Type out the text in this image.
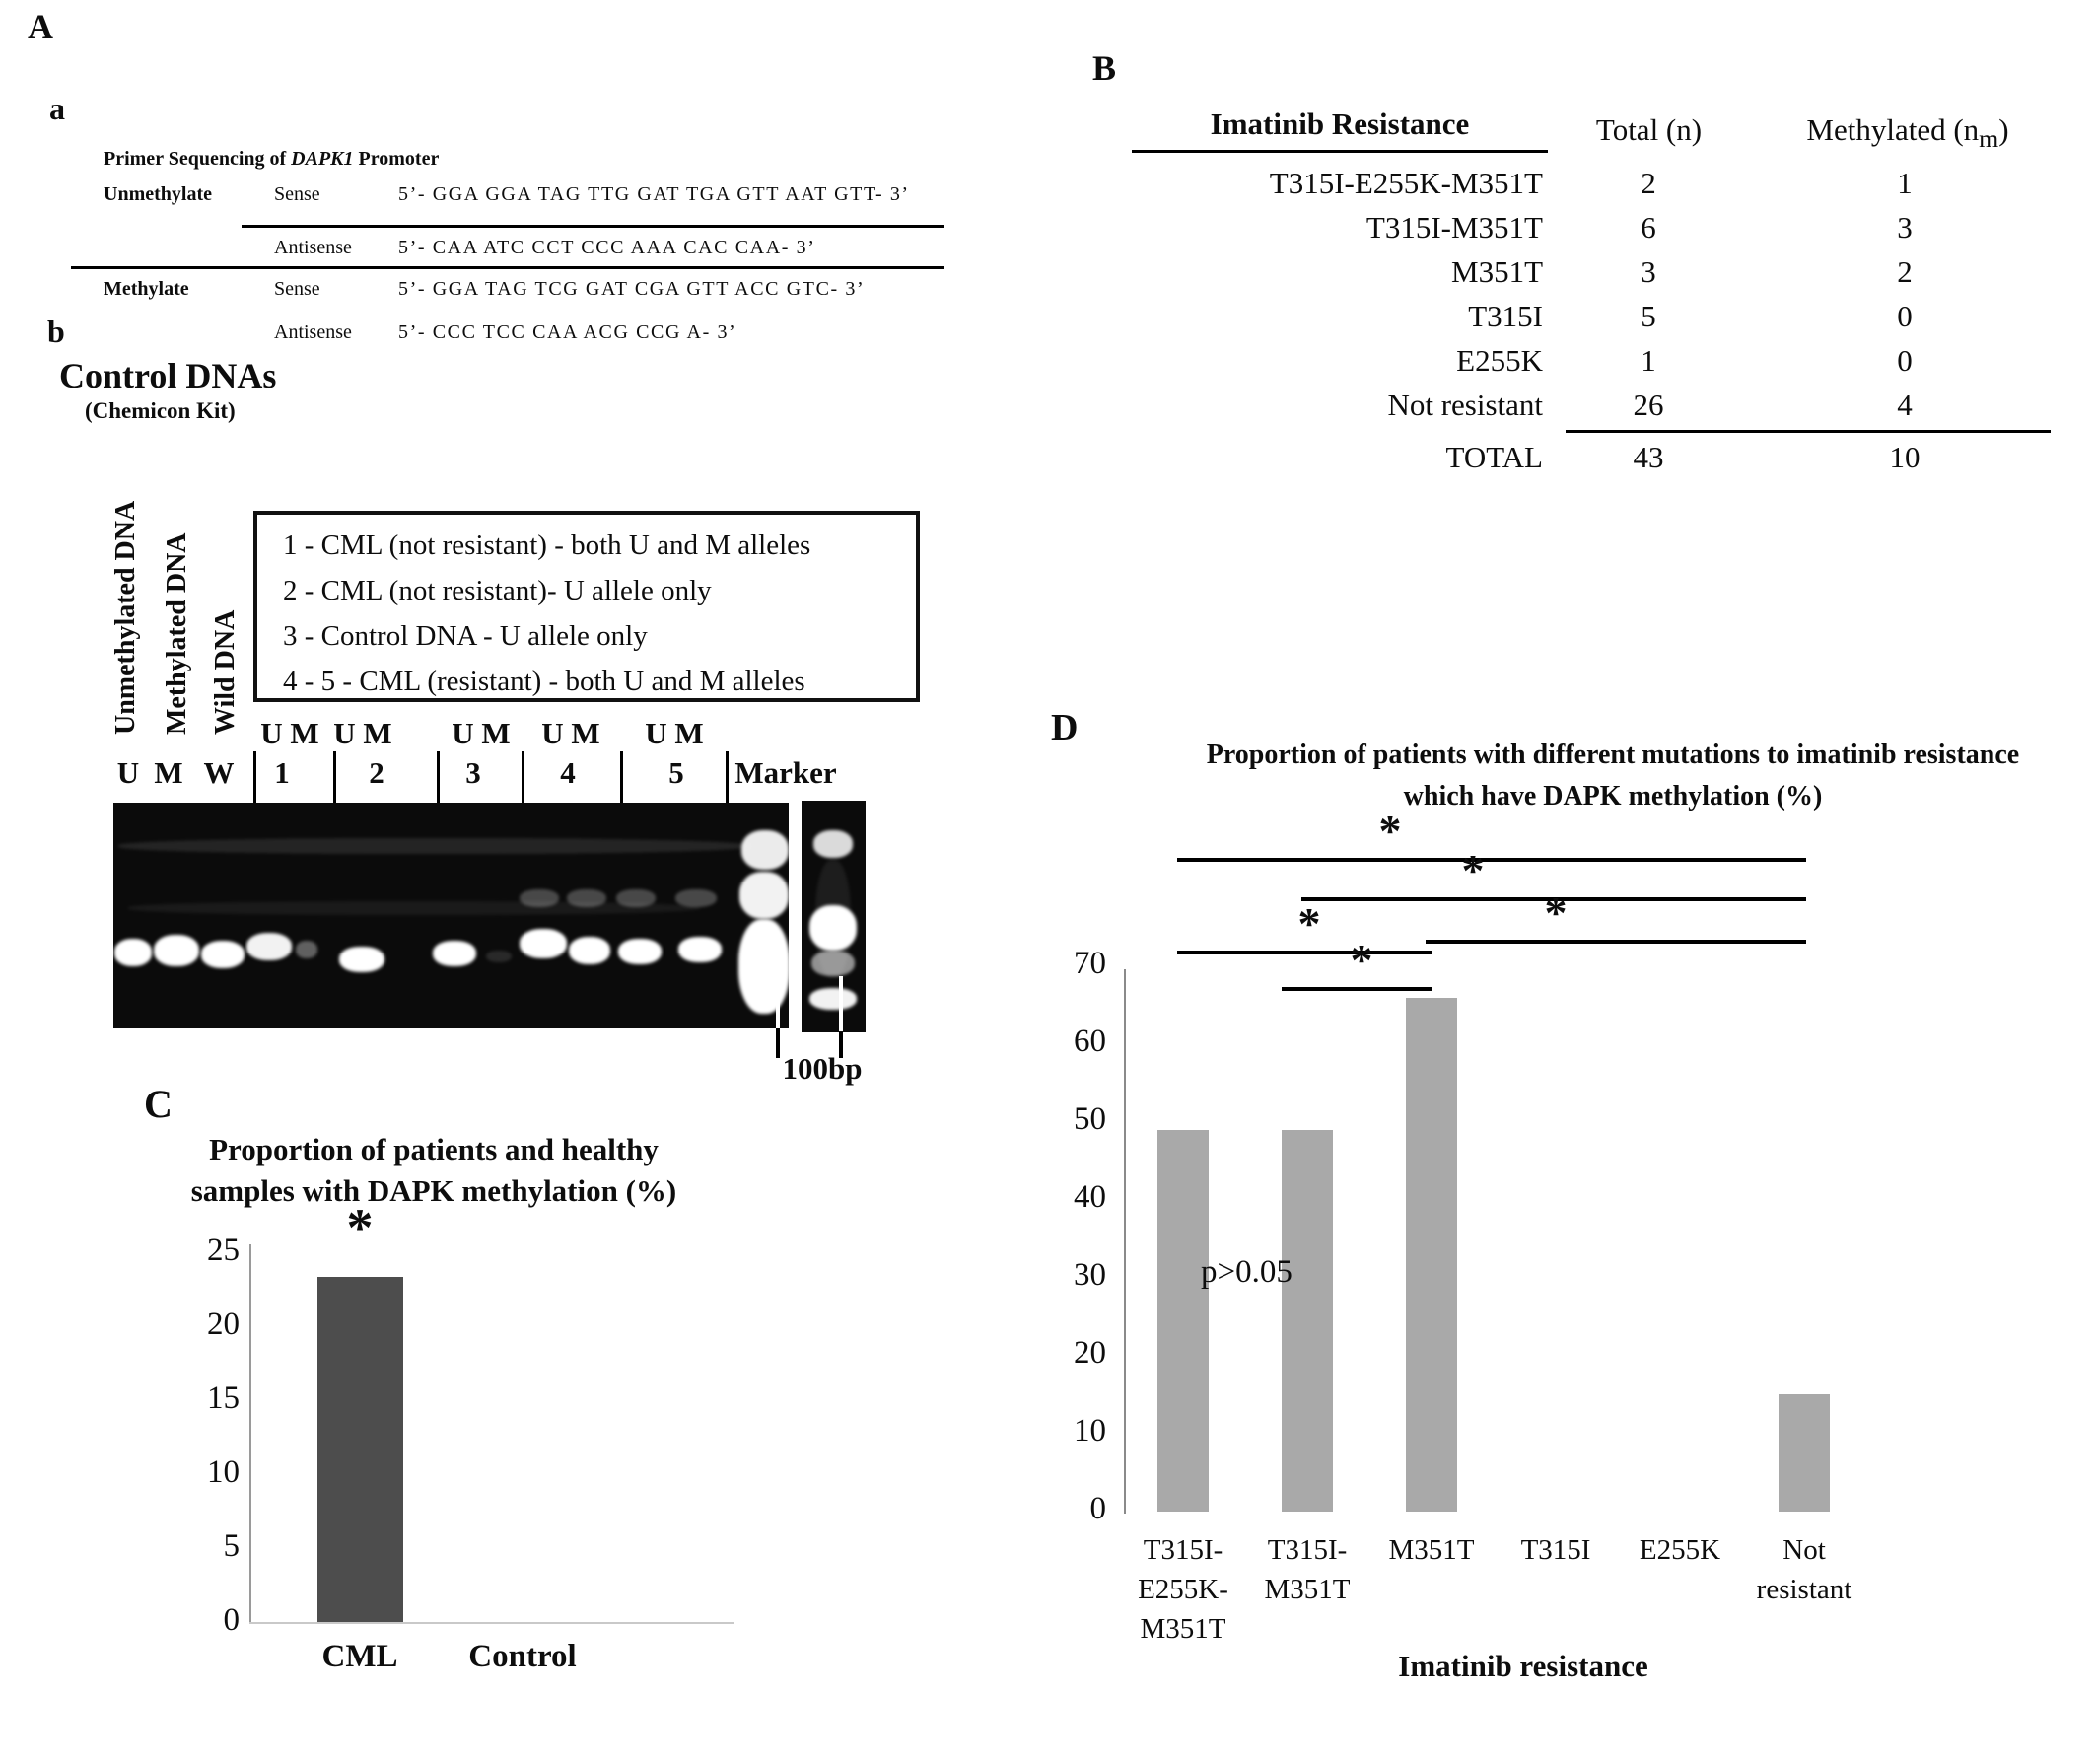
A
a
Primer Sequencing of DAPK1 Promoter
Unmethylate	Sense	5’- GGA GGA TAG TTG GAT TGA GTT AAT GTT- 3’
Antisense 5’- CAA ATC CCT CCC AAA CAC CAA- 3’
Methylate	Sense	5’- GGA TAG TCG GAT CGA GTT ACC GTC- 3’
Antisense 5’- CCC TCC CAA ACG CCG A- 3’
b
Control DNAs
(Chemicon Kit)
Unmethylated DNA Methylated DNA Wild DNA
1 - CML (not resistant) - both U and M alleles
2 - CML (not resistant)- U allele only
3 - Control DNA - U allele only
4 - 5 - CML (resistant) - both U and M alleles
U M U M	U M	U M	U M
U M W	1	2	3	4	5	Marker
100bp
B
Imatinib Resistance	Total (n)	Methylated $(n_m)$
T315I-E255K-M351T	2	1
T315I-M351T	6	3
M351T	3	2
T315I	5	0
E255K	1	0
Not resistant	26	4
TOTAL	43	10
C
Proportion of patients and healthy
samples with DAPK methylation (%)
0
5
10
15
20
25
CML	Control
*
D
Proportion of patients with different mutations to imatinib resistance
which have DAPK methylation (%)
0
10
20
30
40
50
60
70
T315I-
E255K-
M351T
T315I-
M351T
M351T	T315I	E255K	Not
resistant
*
*
*
*
*
p>0.05
Imatinib resistance
